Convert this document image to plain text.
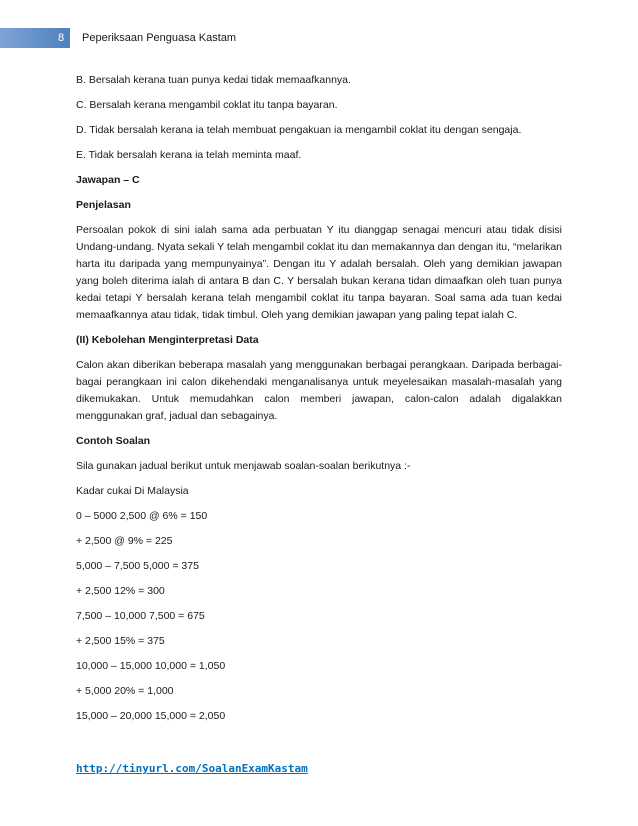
8	Peperiksaan Penguasa Kastam

B. Bersalah kerana tuan punya kedai tidak memaafkannya.

C. Bersalah kerana mengambil coklat itu tanpa bayaran.

D. Tidak bersalah kerana ia telah membuat pengakuan ia mengambil coklat itu dengan sengaja.

E. Tidak bersalah kerana ia telah meminta maaf.

Jawapan – C

Penjelasan

Persoalan pokok di sini ialah sama ada perbuatan Y itu dianggap senagai mencuri atau tidak disisi Undang-undang. Nyata sekali Y telah mengambil coklat itu dan memakannya dan dengan itu, “melarikan harta itu daripada yang mempunyainya”. Dengan itu Y adalah bersalah. Oleh yang demikian jawapan yang boleh diterima ialah di antara B dan C. Y bersalah bukan kerana tidan dimaafkan oleh tuan punya kedai tetapi Y bersalah kerana telah mengambil coklat itu tanpa bayaran. Soal sama ada tuan kedai memaafkannya atau tidak, tidak timbul. Oleh yang demikian jawapan yang paling tepat ialah C.

(II) Kebolehan Menginterpretasi Data

Calon akan diberikan beberapa masalah yang menggunakan berbagai perangkaan. Daripada berbagai-bagai perangkaan ini calon dikehendaki menganalisanya untuk meyelesaikan masalah-masalah yang dikemukakan. Untuk memudahkan calon memberi jawapan, calon-calon adalah digalakkan menggunakan graf, jadual dan sebagainya.

Contoh Soalan

Sila gunakan jadual berikut untuk menjawab soalan-soalan berikutnya :-

Kadar cukai Di Malaysia

0 – 5000 2,500 @ 6% = 150

+ 2,500 @ 9% = 225

5,000 – 7,500 5,000 = 375

+ 2,500 12% = 300

7,500 – 10,000 7,500 = 675

+ 2,500 15% = 375

10,000 – 15,000 10,000 = 1,050

+ 5,000 20% = 1,000

15,000 – 20,000 15,000 = 2,050

http://tinyurl.com/SoalanExamKastam
